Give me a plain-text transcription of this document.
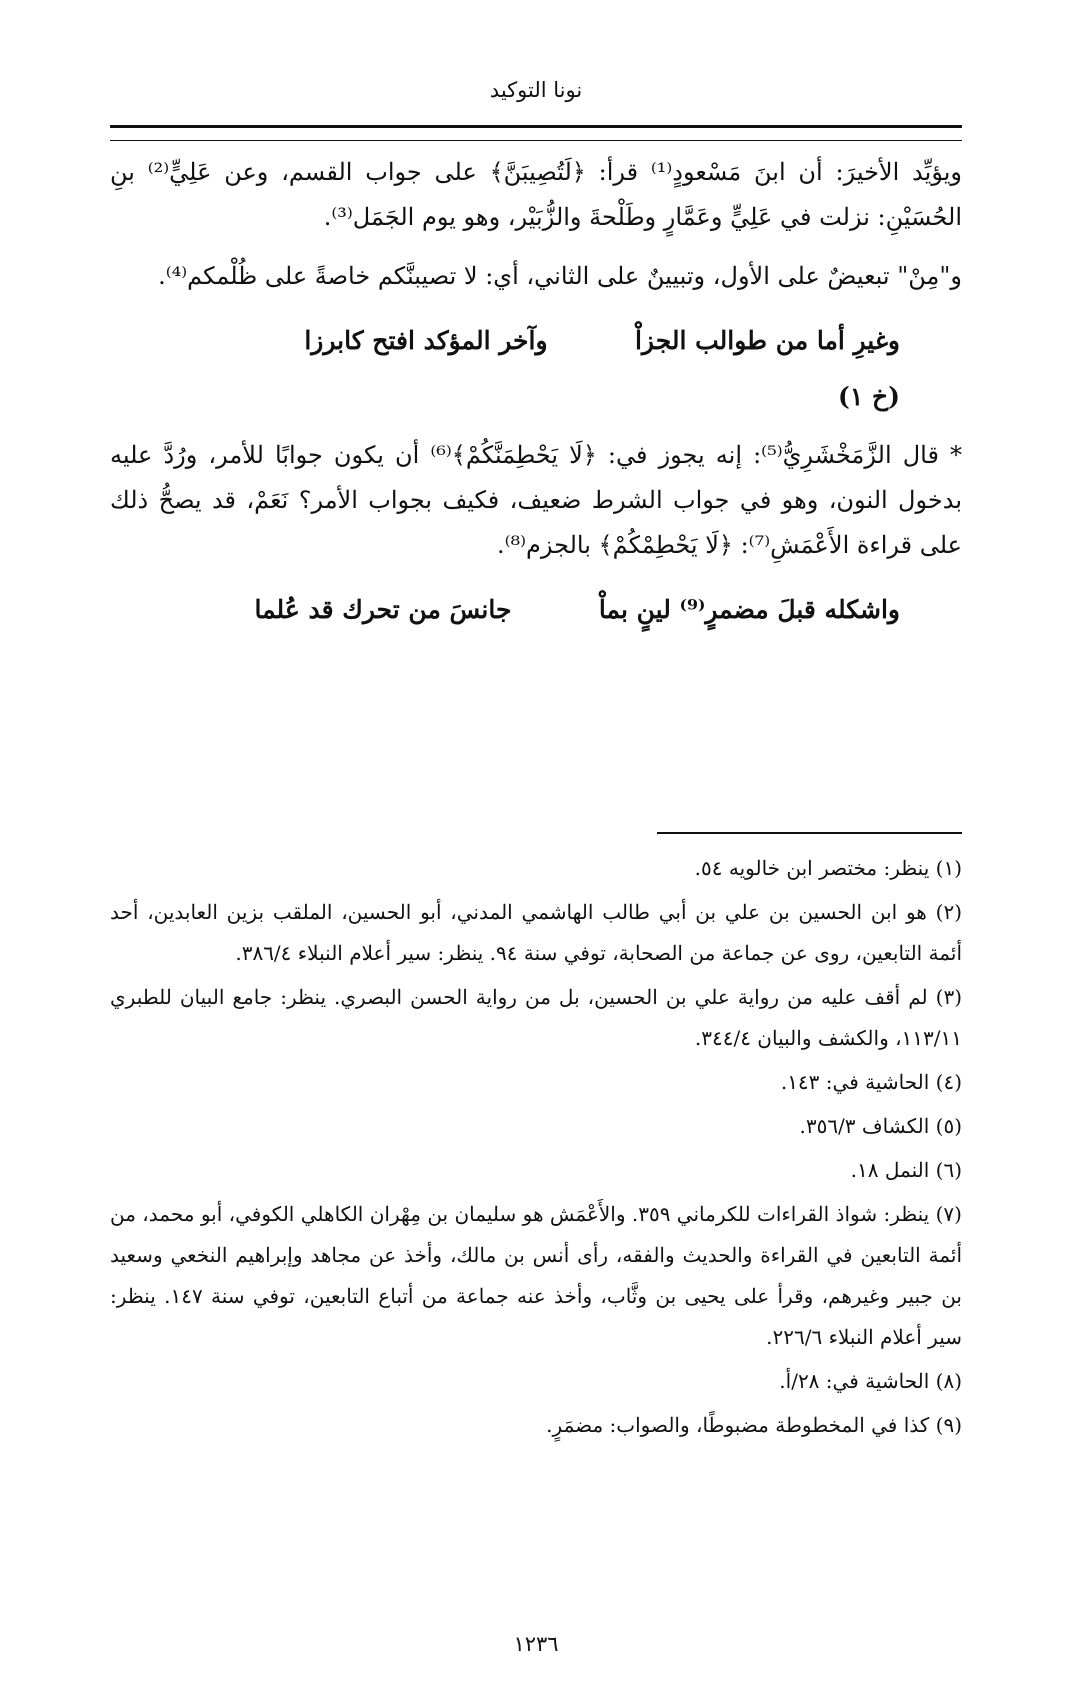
نونا التوكيد

ويؤيِّد الأخيرَ: أن ابنَ مَسْعودٍ⁽¹⁾ قرأ: ﴿لَتُصِيبَنَّ﴾ على جواب القسم، وعن عَلِيٍّ⁽²⁾ بنِ الحُسَيْنِ: نزلت في عَلِيٍّ وعَمَّارٍ وطَلْحةَ والزُّبَيْر، وهو يوم الجَمَل⁽³⁾.

و"مِنْ" تبعيضٌ على الأول، وتبيينٌ على الثاني، أي: لا تصيبنَّكم خاصةً على ظُلْمكم⁽⁴⁾.

وغيرِ أما من طوالب الجزاْ  وآخر المؤكد افتح كابرزا
(خ ١)

* قال الزَّمَخْشَرِيُّ⁽⁵⁾: إنه يجوز في: ﴿لَا يَحْطِمَنَّكُمْ﴾⁽⁶⁾ أن يكون جوابًا للأمر، ورُدَّ عليه بدخول النون، وهو في جواب الشرط ضعيف، فكيف بجواب الأمر؟ نَعَمْ، قد يصحُّ ذلك على قراءة الأَعْمَشِ⁽⁷⁾: ﴿لَا يَحْطِمْكُمْ﴾ بالجزم⁽⁸⁾.

واشكله قبلَ مضمرٍ⁽⁹⁾ لينٍ بماْ  جانسَ من تحرك قد عُلما

(١) ينظر: مختصر ابن خالويه ٥٤.

(٢) هو ابن الحسين بن علي بن أبي طالب الهاشمي المدني، أبو الحسين، الملقب بزين العابدين، أحد أئمة التابعين، روى عن جماعة من الصحابة، توفي سنة ٩٤. ينظر: سير أعلام النبلاء ٣٨٦/٤.

(٣) لم أقف عليه من رواية علي بن الحسين، بل من رواية الحسن البصري. ينظر: جامع البيان للطبري ١١٣/١١، والكشف والبيان ٣٤٤/٤.

(٤) الحاشية في: ١٤٣.

(٥) الكشاف ٣٥٦/٣.

(٦) النمل ١٨.

(٧) ينظر: شواذ القراءات للكرماني ٣٥٩. والأَعْمَش هو سليمان بن مِهْران الكاهلي الكوفي، أبو محمد، من أئمة التابعين في القراءة والحديث والفقه، رأى أنس بن مالك، وأخذ عن مجاهد وإبراهيم النخعي وسعيد بن جبير وغيرهم، وقرأ على يحيى بن وثَّاب، وأخذ عنه جماعة من أتباع التابعين، توفي سنة ١٤٧. ينظر: سير أعلام النبلاء ٢٢٦/٦.

(٨) الحاشية في: ٢٨/أ.

(٩) كذا في المخطوطة مضبوطًا، والصواب: مضمَرٍ.

١٢٣٦
